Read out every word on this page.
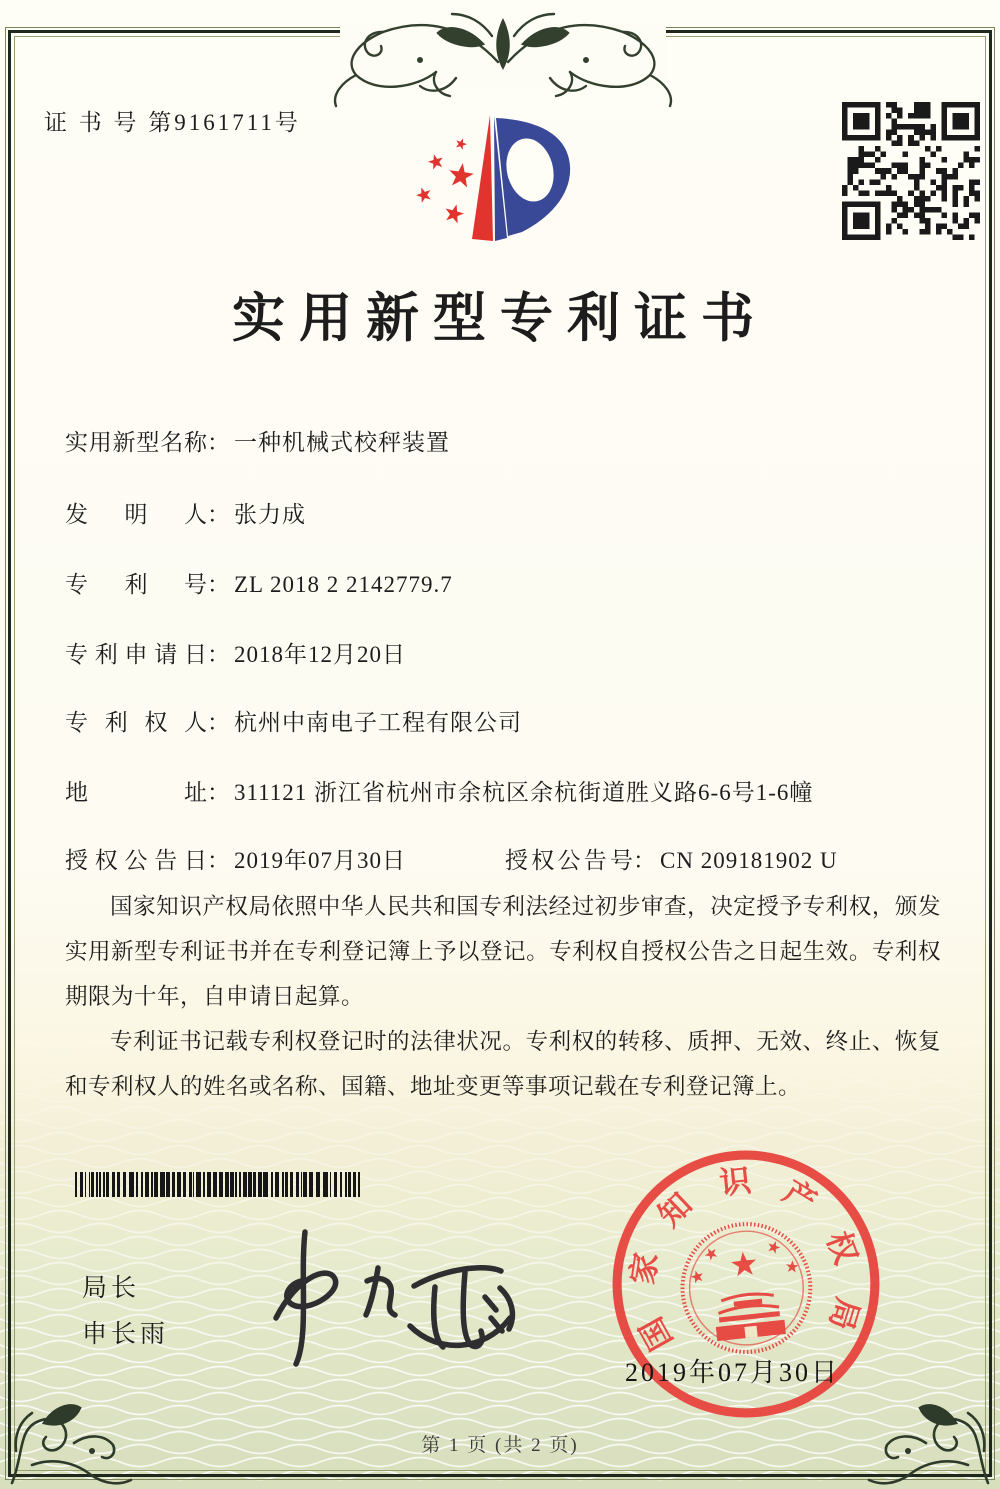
证 书 号 第9161711号
实用新型专利证书
实用新型名称： 一种机械式校秤装置
发明人： 张力成
专利号： ZL 2018 2 2142779.7
专利申请日： 2018年12月20日
专利权人： 杭州中南电子工程有限公司
地址： 311121 浙江省杭州市余杭区余杭街道胜义路6-6号1-6幢
授权公告日： 2019年07月30日	授权公告号： CN 209181902 U

国家知识产权局依照中华人民共和国专利法经过初步审查，决定授予专利权，颁发实用新型专利证书并在专利登记簿上予以登记。专利权自授权公告之日起生效。专利权期限为十年，自申请日起算。

专利证书记载专利权登记时的法律状况。专利权的转移、质押、无效、终止、恢复和专利权人的姓名或名称、国籍、地址变更等事项记载在专利登记簿上。

局长
申长雨	国
家
知
识 产
权
局
2019年07月30日
第 1 页 (共 2 页)
